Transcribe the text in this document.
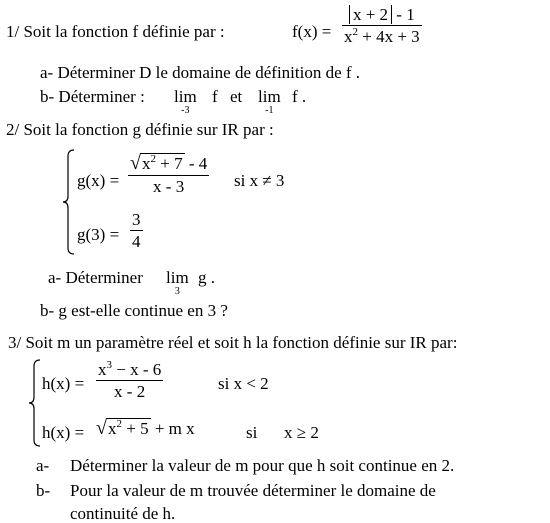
1/ Soit la fonction f définie par :	$f(x) = \frac{x + 2 - 1}{x^2 + 4x + 3}$
a- Déterminer D le domaine de définition de f .
b- Déterminer : lim
-3
f et lim
-1
f .
2/ Soit la fonction g définie sur IR par :
$g(x) = \frac{√x^2 + 7 - 4}{x - 3}$ si x ≠ 3
$g(3) = \frac{3}{4}$
a- Déterminer lim
3
g .
b- g est-elle continue en 3 ?
3/ Soit m un paramètre réel et soit h la fonction définie sur IR par:
$h(x) = \frac{x^3 - x - 6}{x - 2}$	si x < 2
$h(x) = √x^2 + 5 + m$ x	si x ≥ 2
a- Déterminer la valeur de m pour que h soit continue en 2.
b- Pour la valeur de m trouvée déterminer le domaine de
continuité de h.
